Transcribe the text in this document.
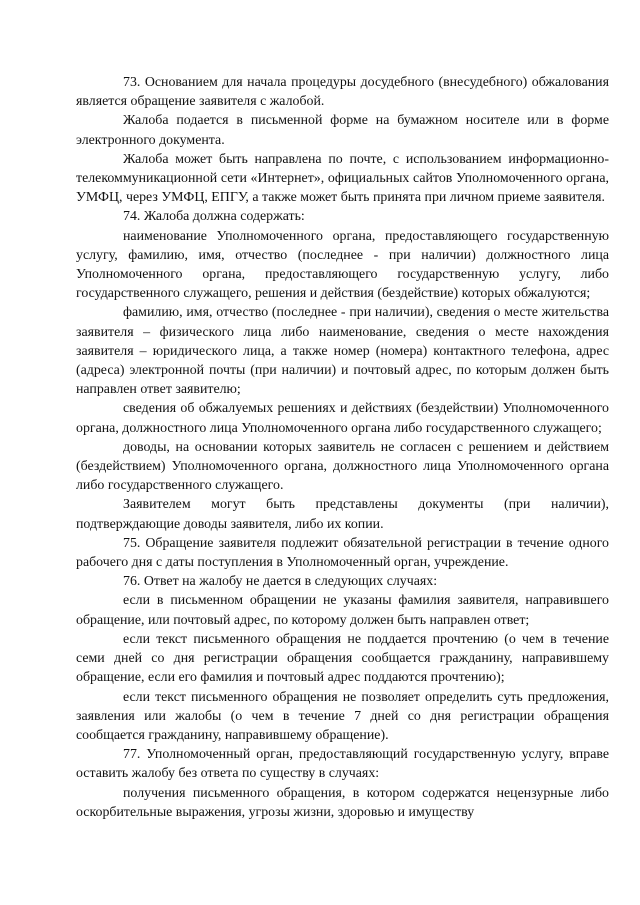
73. Основанием для начала процедуры досудебного (внесудебного) обжалования является обращение заявителя с жалобой.

Жалоба подается в письменной форме на бумажном носителе или в форме электронного документа.

Жалоба может быть направлена по почте, с использованием информационно-телекоммуникационной сети «Интернет», официальных сайтов Уполномоченного органа, УМФЦ, через УМФЦ, ЕПГУ, а также может быть принята при личном приеме заявителя.

74. Жалоба должна содержать:

наименование Уполномоченного органа, предоставляющего государственную услугу, фамилию, имя, отчество (последнее - при наличии) должностного лица Уполномоченного органа, предоставляющего государственную услугу, либо государственного служащего, решения и действия (бездействие) которых обжалуются;

фамилию, имя, отчество (последнее - при наличии), сведения о месте жительства заявителя – физического лица либо наименование, сведения о месте нахождения заявителя – юридического лица, а также номер (номера) контактного телефона, адрес (адреса) электронной почты (при наличии) и почтовый адрес, по которым должен быть направлен ответ заявителю;

сведения об обжалуемых решениях и действиях (бездействии) Уполномоченного органа, должностного лица Уполномоченного органа либо государственного служащего;

доводы, на основании которых заявитель не согласен с решением и действием (бездействием) Уполномоченного органа, должностного лица Уполномоченного органа либо государственного служащего.

Заявителем могут быть представлены документы (при наличии), подтверждающие доводы заявителя, либо их копии.

75. Обращение заявителя подлежит обязательной регистрации в течение одного рабочего дня с даты поступления в Уполномоченный орган, учреждение.

76. Ответ на жалобу не дается в следующих случаях:

если в письменном обращении не указаны фамилия заявителя, направившего обращение, или почтовый адрес, по которому должен быть направлен ответ;

если текст письменного обращения не поддается прочтению (о чем в течение семи дней со дня регистрации обращения сообщается гражданину, направившему обращение, если его фамилия и почтовый адрес поддаются прочтению);

если текст письменного обращения не позволяет определить суть предложения, заявления или жалобы (о чем в течение 7 дней со дня регистрации обращения сообщается гражданину, направившему обращение).

77. Уполномоченный орган, предоставляющий государственную услугу, вправе оставить жалобу без ответа по существу в случаях:

получения письменного обращения, в котором содержатся нецензурные либо оскорбительные выражения, угрозы жизни, здоровью и имуществу
